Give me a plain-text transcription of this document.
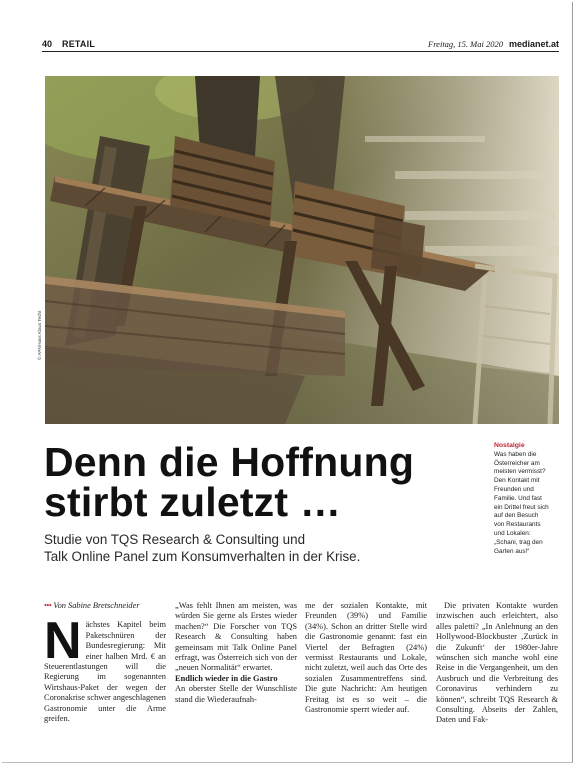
40 RETAIL	Freitag, 15. Mai 2020 medianet.at
© APA/Hans Klaus Techt
Denn die Hoffnung
stirbt zuletzt …
Nostalgie
Was haben die
Österreicher am
meisten vermisst?
Den Kontakt mit
Freunden und
Familie. Und fast
ein Drittel freut sich
auf den Besuch
von Restaurants
und Lokalen:
„Schani, trag den
Garten aus!“
Studie von TQS Research & Consulting und
Talk Online Panel zum Konsumverhalten in der Krise.
••• Von Sabine Bretschneider

N ächstes Kapitel beim Paketschnüren der Bundesregierung: Mit einer halben Mrd. € an Steuerentlastungen will die Regierung im sogenannten Wirtshaus-Paket der wegen der Coronakrise schwer angeschlagenen Gastronomie unter die Arme greifen.

„Was fehlt Ihnen am meisten, was würden Sie gerne als Erstes wieder machen?“ Die Forscher von TQS Research & Consulting haben gemeinsam mit Talk Online Panel erfragt, was Österreich sich von der „neuen Normalität“ erwartet.

Endlich wieder in die Gastro

An oberster Stelle der Wunschliste stand die Wiederaufnah-

me der sozialen Kontakte, mit Freunden (39%) und Familie (34%). Schon an dritter Stelle wird die Gastronomie genannt: fast ein Viertel der Befragten (24%) vermisst Restaurants und Lokale, nicht zuletzt, weil auch das Orte des sozialen Zusammentreffens sind. Die gute Nachricht: Am heutigen Freitag ist es so weit – die Gastronomie sperrt wieder auf.

Die privaten Kontakte wurden inzwischen auch erleichtert, also alles paletti? „In Anlehnung an den Hollywood-Blockbuster ‚Zurück in die Zukunft‘ der 1980er-Jahre wünschen sich manche wohl eine Reise in die Vergangenheit, um den Ausbruch und die Verbreitung des Coronavirus verhindern zu können“, schreibt TQS Research & Consulting. Abseits der Zahlen, Daten und Fak-
